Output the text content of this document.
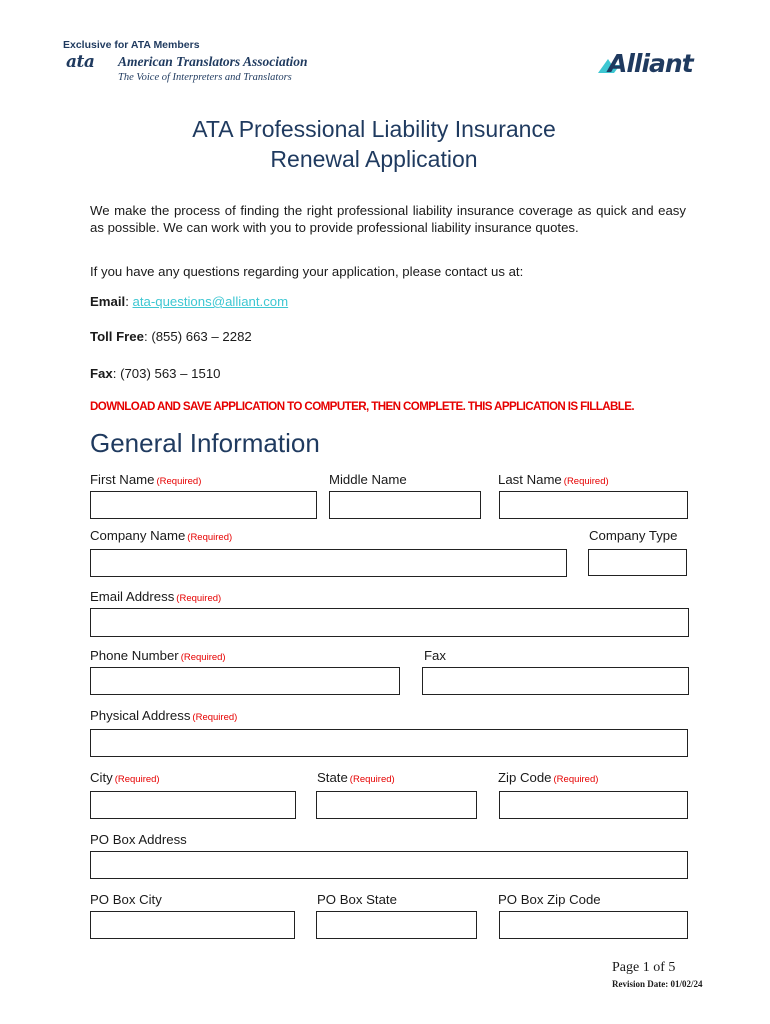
Exclusive for ATA Members
ata American Translators Association
The Voice of Interpreters and Translators	Alliant
ATA Professional Liability Insurance
Renewal Application
We make the process of finding the right professional liability insurance coverage as quick and easy as possible. We can work with you to provide professional liability insurance quotes.
If you have any questions regarding your application, please contact us at:
Email: ata-questions@alliant.com
Toll Free: (855) 663 – 2282
Fax: (703) 563 – 1510
DOWNLOAD AND SAVE APPLICATION TO COMPUTER, THEN COMPLETE. THIS APPLICATION IS FILLABLE.
General Information
First Name (Required)	Middle Name	Last Name (Required)
Company Name (Required)	Company Type
Email Address (Required)
Phone Number (Required)	Fax
Physical Address (Required)
City (Required)	State (Required)	Zip Code (Required)
PO Box Address
PO Box City	PO Box State	PO Box Zip Code
Page 1 of 5
Revision Date: 01/02/24
